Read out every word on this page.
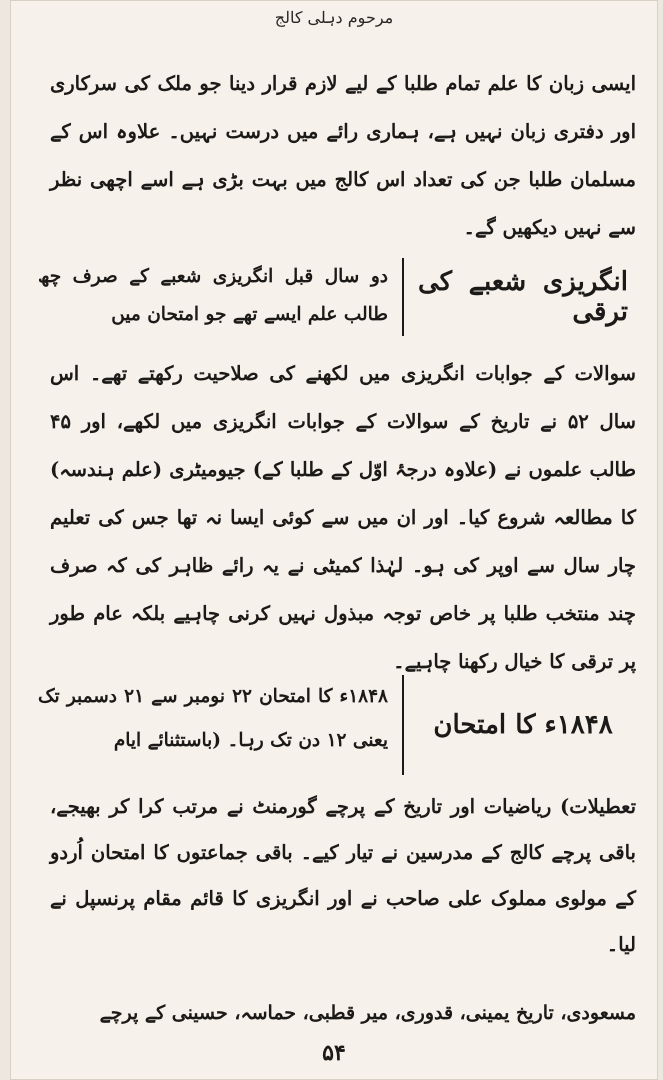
مرحوم دہلی کالج

ایسی زبان کا علم تمام طلبا کے لیے لازم قرار دینا جو ملک کی سرکاری اور دفتری زبان نہیں ہے، ہماری رائے میں درست نہیں۔ علاوہ اس کے مسلمان طلبا جن کی تعداد اس کالج میں بہت بڑی ہے اسے اچھی نظر سے نہیں دیکھیں گے۔

انگریزی شعبے کی ترقی

دو سال قبل انگریزی شعبے کے صرف چھ طالب علم ایسے تھے جو امتحان میں

سوالات کے جوابات انگریزی میں لکھنے کی صلاحیت رکھتے تھے۔ اس سال ۵۲ نے تاریخ کے سوالات کے جوابات انگریزی میں لکھے، اور ۴۵ طالب علموں نے (علاوہ درجۂ اوّل کے طلبا کے) جیومیٹری (علم ہندسہ) کا مطالعہ شروع کیا۔ اور ان میں سے کوئی ایسا نہ تھا جس کی تعلیم چار سال سے اوپر کی ہو۔ لہٰذا کمیٹی نے یہ رائے ظاہر کی کہ صرف چند منتخب طلبا پر خاص توجہ مبذول نہیں کرنی چاہیے بلکہ عام طور پر ترقی کا خیال رکھنا چاہیے۔

۱۸۴۸ء کا امتحان

۱۸۴۸ء کا امتحان ۲۲ نومبر سے ۲۱ دسمبر تک یعنی ۱۲ دن تک رہا۔ (باستثنائے ایام

تعطیلات) ریاضیات اور تاریخ کے پرچے گورمنٹ نے مرتب کرا کر بھیجے، باقی پرچے کالج کے مدرسین نے تیار کیے۔ باقی جماعتوں کا امتحان اُردو کے مولوی مملوک علی صاحب نے اور انگریزی کا قائم مقام پرنسپل نے لیا۔

مسعودی، تاریخ یمینی، قدوری، میر قطبی، حماسہ، حسینی کے پرچے

۵۴
